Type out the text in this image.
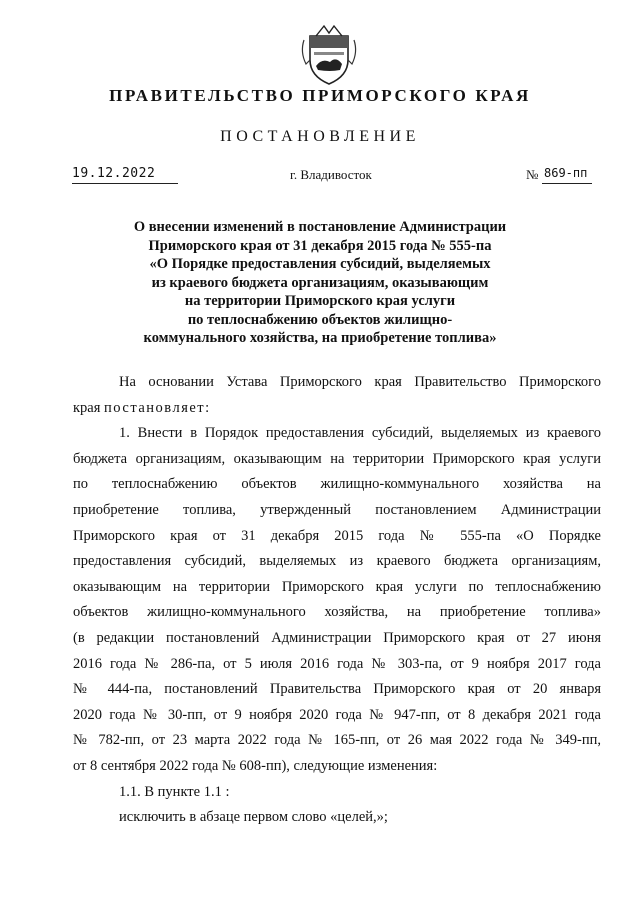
ПРАВИТЕЛЬСТВО ПРИМОРСКОГО КРАЯ
ПОСТАНОВЛЕНИЕ
19.12.2022	г. Владивосток	№ 869-пп
О внесении изменений в постановление Администрации
Приморского края от 31 декабря 2015 года № 555-па
«О Порядке предоставления субсидий, выделяемых
из краевого бюджета организациям, оказывающим
на территории Приморского края услуги
по теплоснабжению объектов жилищно-
коммунального хозяйства, на приобретение топлива»
На основании Устава Приморского края Правительство Приморского
края постановляет:
1. Внести в Порядок предоставления субсидий, выделяемых из краевого
бюджета организациям, оказывающим на территории Приморского края услуги
по теплоснабжению объектов жилищно-коммунального хозяйства на
приобретение топлива, утвержденный постановлением Администрации
Приморского края от 31 декабря 2015 года № 555-па «О Порядке
предоставления субсидий, выделяемых из краевого бюджета организациям,
оказывающим на территории Приморского края услуги по теплоснабжению
объектов жилищно-коммунального хозяйства, на приобретение топлива»
(в редакции постановлений Администрации Приморского края от 27 июня
2016 года № 286-па, от 5 июля 2016 года № 303-па, от 9 ноября 2017 года
№ 444-па, постановлений Правительства Приморского края от 20 января
2020 года № 30-пп, от 9 ноября 2020 года № 947-пп, от 8 декабря 2021 года
№ 782-пп, от 23 марта 2022 года № 165-пп, от 26 мая 2022 года № 349-пп,
от 8 сентября 2022 года № 608-пп), следующие изменения:
1.1. В пункте 1.1 :
исключить в абзаце первом слово «целей,»;
